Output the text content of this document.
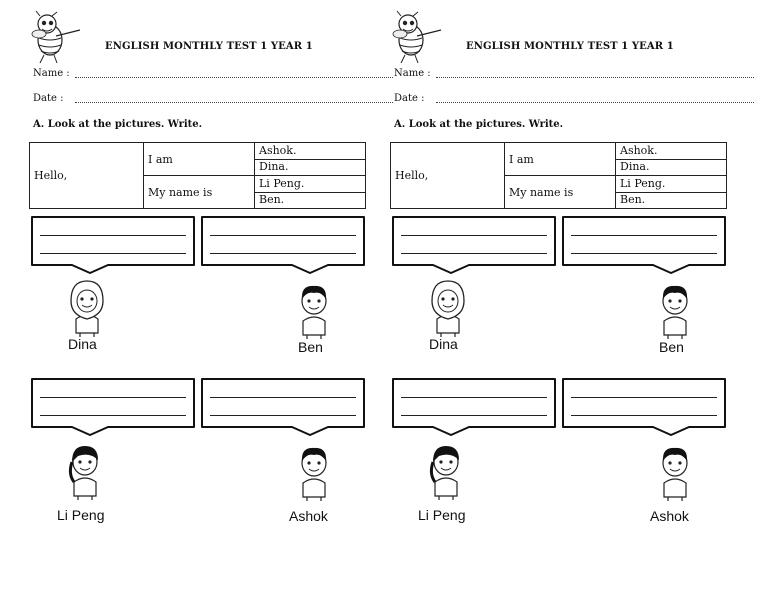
ENGLISH MONTHLY TEST 1 YEAR 1
Name :
Date :
A. Look at the pictures. Write.
Hello,	I am	Ashok.
		Dina.
	My name is	Li Peng.
		Ben.
Dina	Ben
Li Peng	Ashok
ENGLISH MONTHLY TEST 1 YEAR 1
Name :
Date :
A. Look at the pictures. Write.
Hello,	I am	Ashok.
		Dina.
	My name is	Li Peng.
		Ben.
Dina	Ben
Li Peng	Ashok
